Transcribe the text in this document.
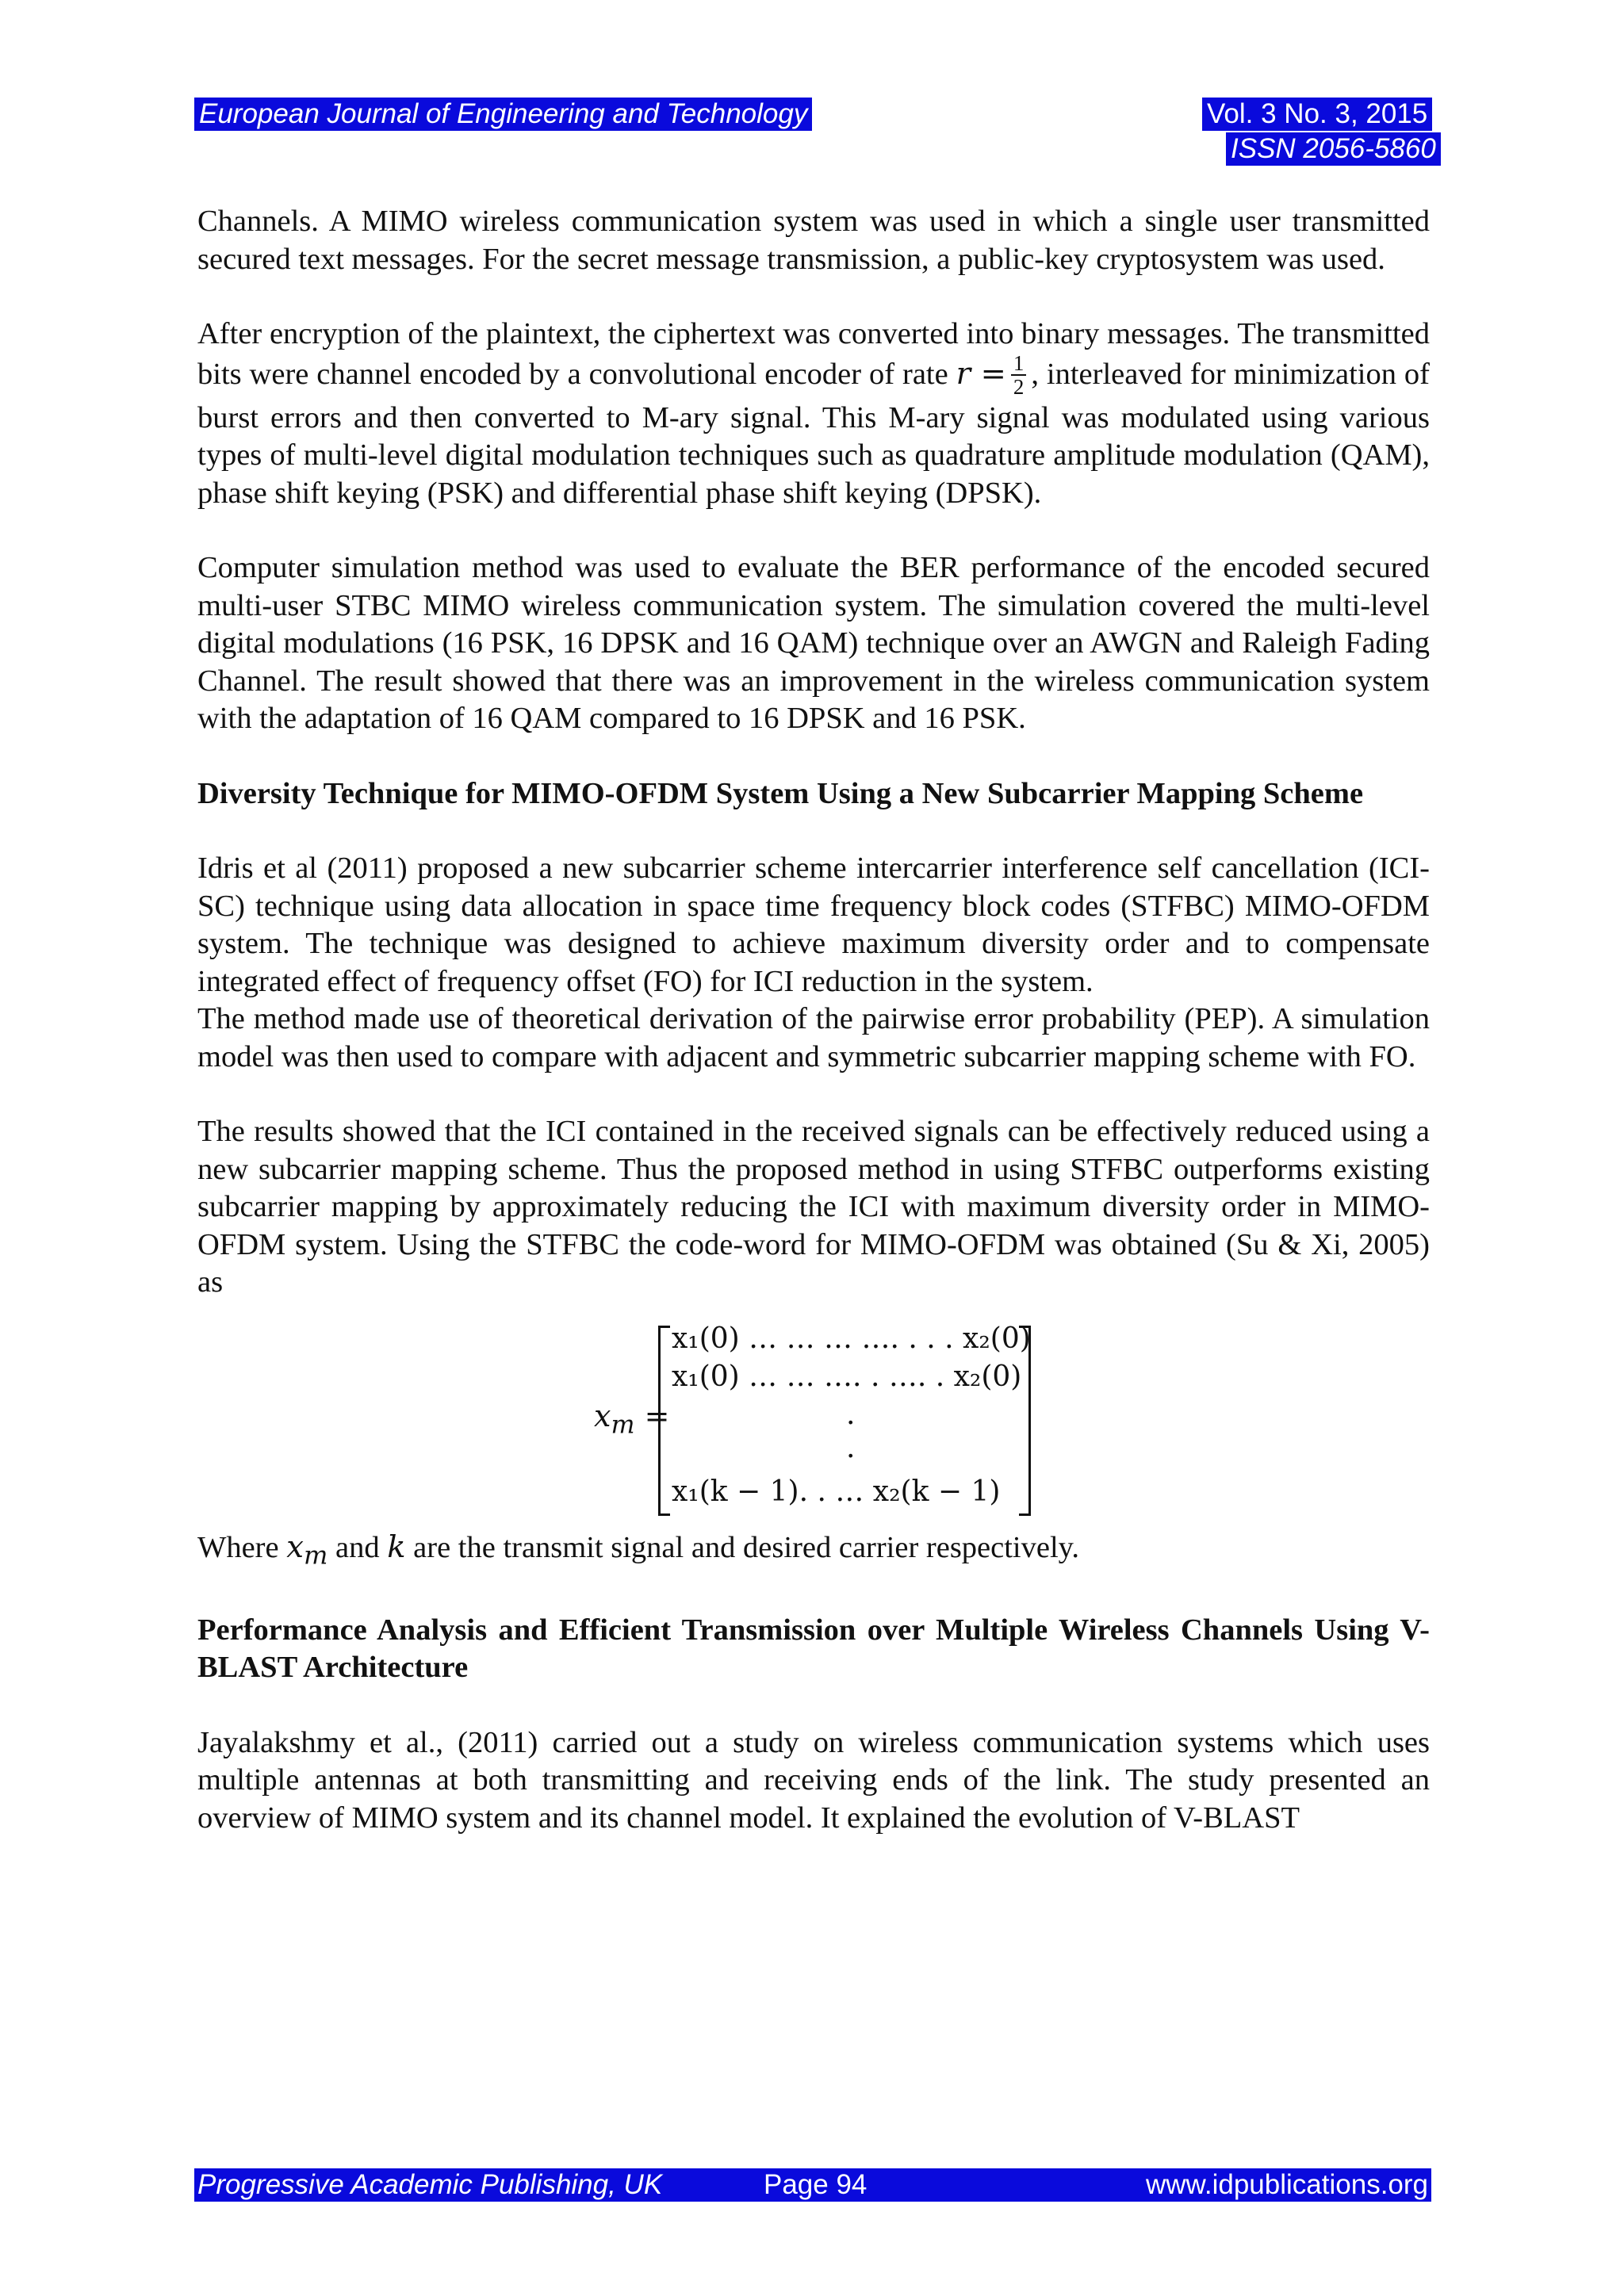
European Journal of Engineering and Technology	Vol. 3 No. 3, 2015
ISSN 2056-5860

Channels. A MIMO wireless communication system was used in which a single user transmitted secured text messages. For the secret message transmission, a public-key cryptosystem was used.

After encryption of the plaintext, the ciphertext was converted into binary messages. The transmitted bits were channel encoded by a convolutional encoder of rate $r = \frac{1}{2}$ , interleaved for minimization of burst errors and then converted to M-ary signal. This M-ary signal was modulated using various types of multi-level digital modulation techniques such as quadrature amplitude modulation (QAM), phase shift keying (PSK) and differential phase shift keying (DPSK).

Computer simulation method was used to evaluate the BER performance of the encoded secured multi-user STBC MIMO wireless communication system. The simulation covered the multi-level digital modulations (16 PSK, 16 DPSK and 16 QAM) technique over an AWGN and Raleigh Fading Channel. The result showed that there was an improvement in the wireless communication system with the adaptation of 16 QAM compared to 16 DPSK and 16 PSK.

Diversity Technique for MIMO-OFDM System Using a New Subcarrier Mapping Scheme

Idris et al (2011) proposed a new subcarrier scheme intercarrier interference self cancellation (ICI-SC) technique using data allocation in space time frequency block codes (STFBC) MIMO-OFDM system. The technique was designed to achieve maximum diversity order and to compensate integrated effect of frequency offset (FO) for ICI reduction in the system.

The method made use of theoretical derivation of the pairwise error probability (PEP). A simulation model was then used to compare with adjacent and symmetric subcarrier mapping scheme with FO.

The results showed that the ICI contained in the received signals can be effectively reduced using a new subcarrier mapping scheme. Thus the proposed method in using STFBC outperforms existing subcarrier mapping by approximately reducing the ICI with maximum diversity order in MIMO-OFDM system. Using the STFBC the code-word for MIMO-OFDM was obtained (Su & Xi, 2005) as

$x_m$ =
x₁(0) … … … …. . . . x₂(0)
x₁(0) … … …. . …. . x₂(0)
.
.
x₁(k − 1). . … x₂(k − 1)

Where $x_m$ and k are the transmit signal and desired carrier respectively.

Performance Analysis and Efficient Transmission over Multiple Wireless Channels Using V-BLAST Architecture

Jayalakshmy et al., (2011) carried out a study on wireless communication systems which uses multiple antennas at both transmitting and receiving ends of the link. The study presented an overview of MIMO system and its channel model. It explained the evolution of V-BLAST

Progressive Academic Publishing, UK	Page 94	www.idpublications.org
